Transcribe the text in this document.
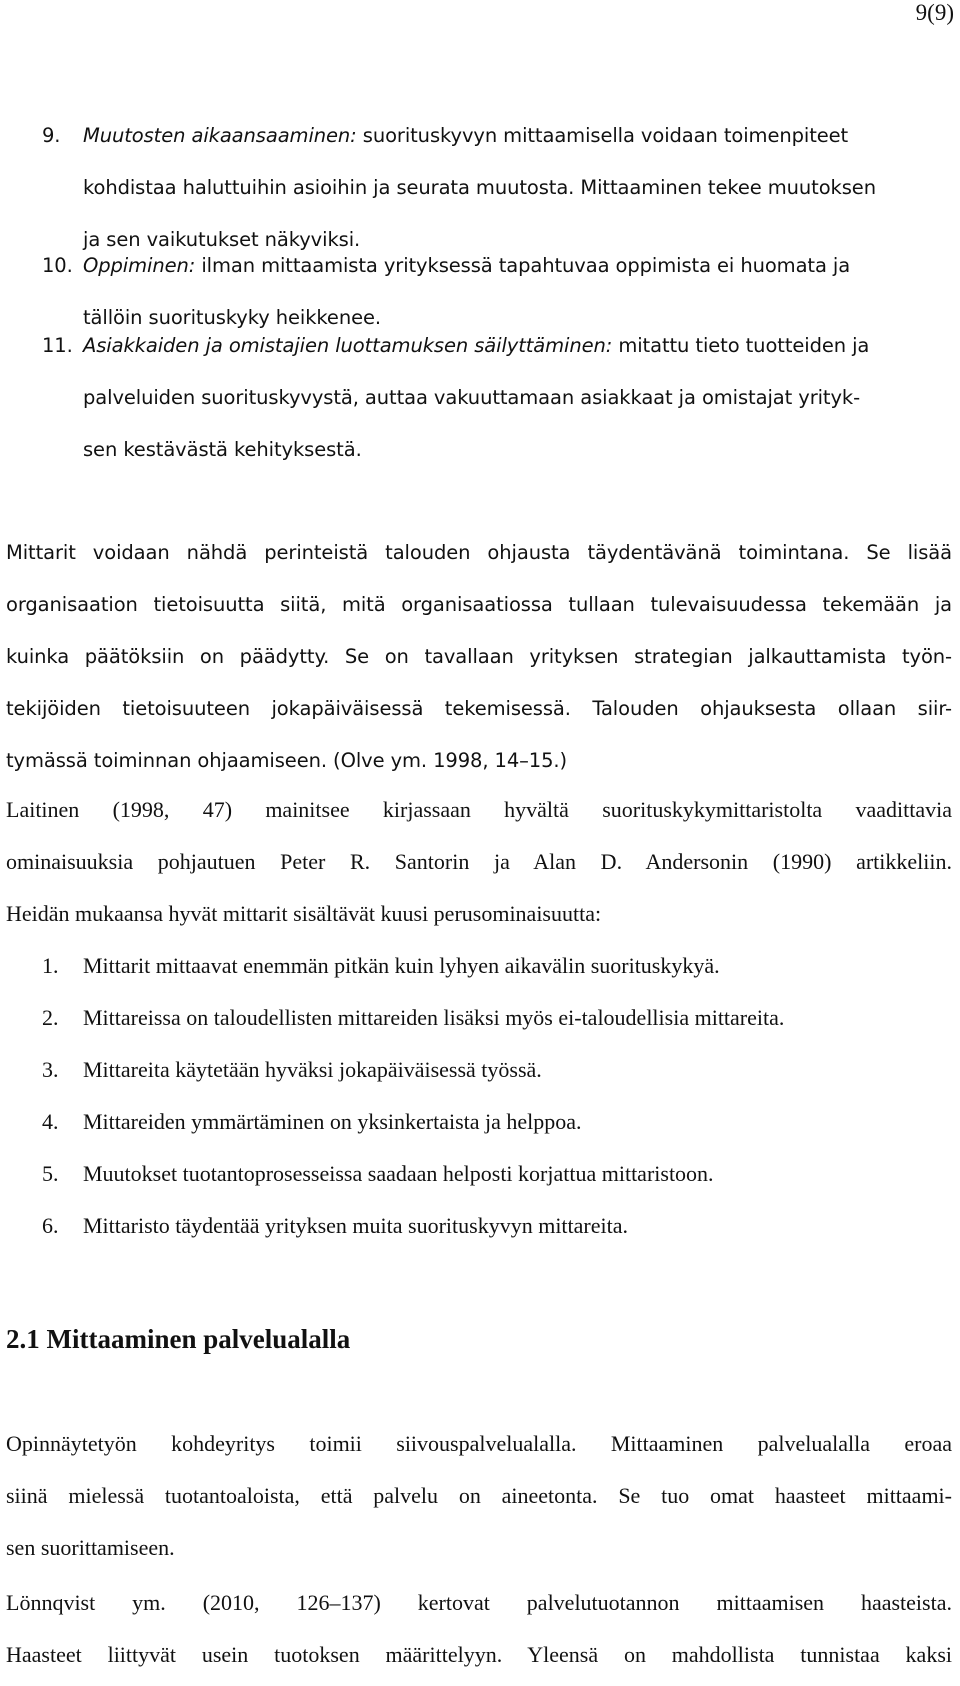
9(9)
9. Muutosten aikaansaaminen: suorituskyvyn mittaamisella voidaan toimenpiteet
kohdistaa haluttuihin asioihin ja seurata muutosta. Mittaaminen tekee muutoksen
ja sen vaikutukset näkyviksi.
10. Oppiminen: ilman mittaamista yrityksessä tapahtuvaa oppimista ei huomata ja
tällöin suorituskyky heikkenee.
11. Asiakkaiden ja omistajien luottamuksen säilyttäminen: mitattu tieto tuotteiden ja
palveluiden suorituskyvystä, auttaa vakuuttamaan asiakkaat ja omistajat yrityk-
sen kestävästä kehityksestä.
Mittarit voidaan nähdä perinteistä talouden ohjausta täydentävänä toimintana. Se lisää
organisaation tietoisuutta siitä, mitä organisaatiossa tullaan tulevaisuudessa tekemään ja
kuinka päätöksiin on päädytty. Se on tavallaan yrityksen strategian jalkauttamista työn-
tekijöiden tietoisuuteen jokapäiväisessä tekemisessä. Talouden ohjauksesta ollaan siir-
tymässä toiminnan ohjaamiseen. (Olve ym. 1998, 14–15.)
Laitinen (1998, 47) mainitsee kirjassaan hyvältä suorituskykymittaristolta vaadittavia
ominaisuuksia pohjautuen Peter R. Santorin ja Alan D. Andersonin (1990) artikkeliin.
Heidän mukaansa hyvät mittarit sisältävät kuusi perusominaisuutta:
1. Mittarit mittaavat enemmän pitkän kuin lyhyen aikavälin suorituskykyä.
2. Mittareissa on taloudellisten mittareiden lisäksi myös ei-taloudellisia mittareita.
3. Mittareita käytetään hyväksi jokapäiväisessä työssä.
4. Mittareiden ymmärtäminen on yksinkertaista ja helppoa.
5. Muutokset tuotantoprosesseissa saadaan helposti korjattua mittaristoon.
6. Mittaristo täydentää yrityksen muita suorituskyvyn mittareita.
2.1 Mittaaminen palvelualalla
Opinnäytetyön kohdeyritys toimii siivouspalvelualalla. Mittaaminen palvelualalla eroaa
siinä mielessä tuotantoaloista, että palvelu on aineetonta. Se tuo omat haasteet mittaami-
sen suorittamiseen.
Lönnqvist ym. (2010, 126–137) kertovat palvelutuotannon mittaamisen haasteista.
Haasteet liittyvät usein tuotoksen määrittelyyn. Yleensä on mahdollista tunnistaa kaksi
